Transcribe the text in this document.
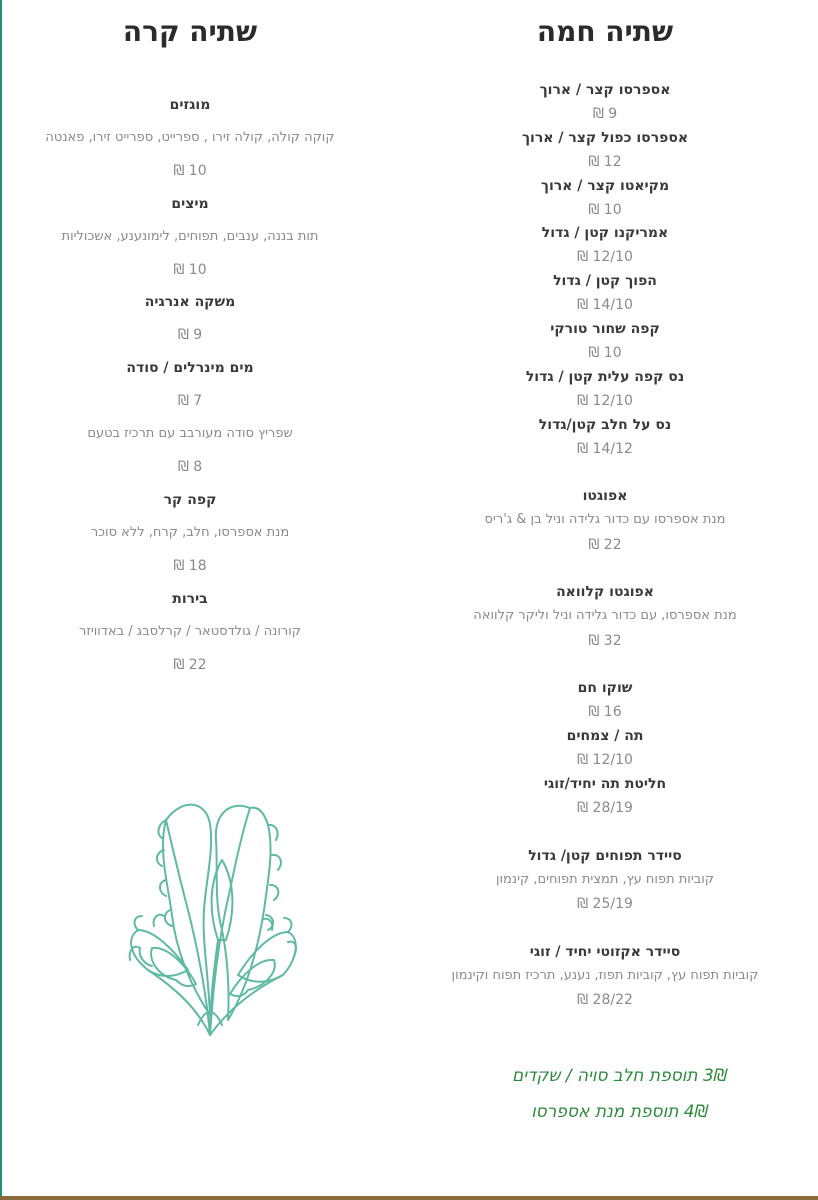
שתיה חמה
אספרסו קצר / ארוך
9 ₪
אספרסו כפול קצר / ארוך
12 ₪
מקיאטו קצר / ארוך
10 ₪
אמריקנו קטן / גדול
12/10 ₪
הפוך קטן / גדול
14/10 ₪
קפה שחור טורקי
10 ₪
נס קפה עלית קטן / גדול
12/10 ₪
נס על חלב קטן/גדול
14/12 ₪
אפוגטו
מנת אספרסו עם כדור גלידה וניל בן & ג'ריס
22 ₪
אפוגטו קלוואה
מנת אספרסו, עם כדור גלידה וניל וליקר קלוואה
32 ₪
שוקו חם
16 ₪
תה / צמחים
12/10 ₪
חליטת תה יחיד/זוגי
28/19 ₪
סיידר תפוחים קטן/ גדול
קוביות תפוח עץ, תמצית תפוחים, קינמון
25/19 ₪
סיידר אקזוטי יחיד / זוגי
קוביות תפוח עץ, קוביות תפוז, נענע, תרכיז תפוח וקינמון
28/22 ₪
שתיה קרה
מוגזים
קוקה קולה, קולה זירו , ספרייט, ספרייט זירו, פאנטה
10 ₪
מיצים
תות בננה, ענבים, תפוחים, לימונענע, אשכוליות
10 ₪
משקה אנרגיה
9 ₪
מים מינרלים / סודה
7 ₪
שפריץ סודה מעורבב עם תרכיז בטעם
8 ₪
קפה קר
מנת אספרסו, חלב, קרח, ללא סוכר
18 ₪
בירות
קורונה / גולדסטאר / קרלסבג / באדוויזר
22 ₪
3₪ תוספת חלב סויה / שקדים
4₪ תוספת מנת אספרסו
